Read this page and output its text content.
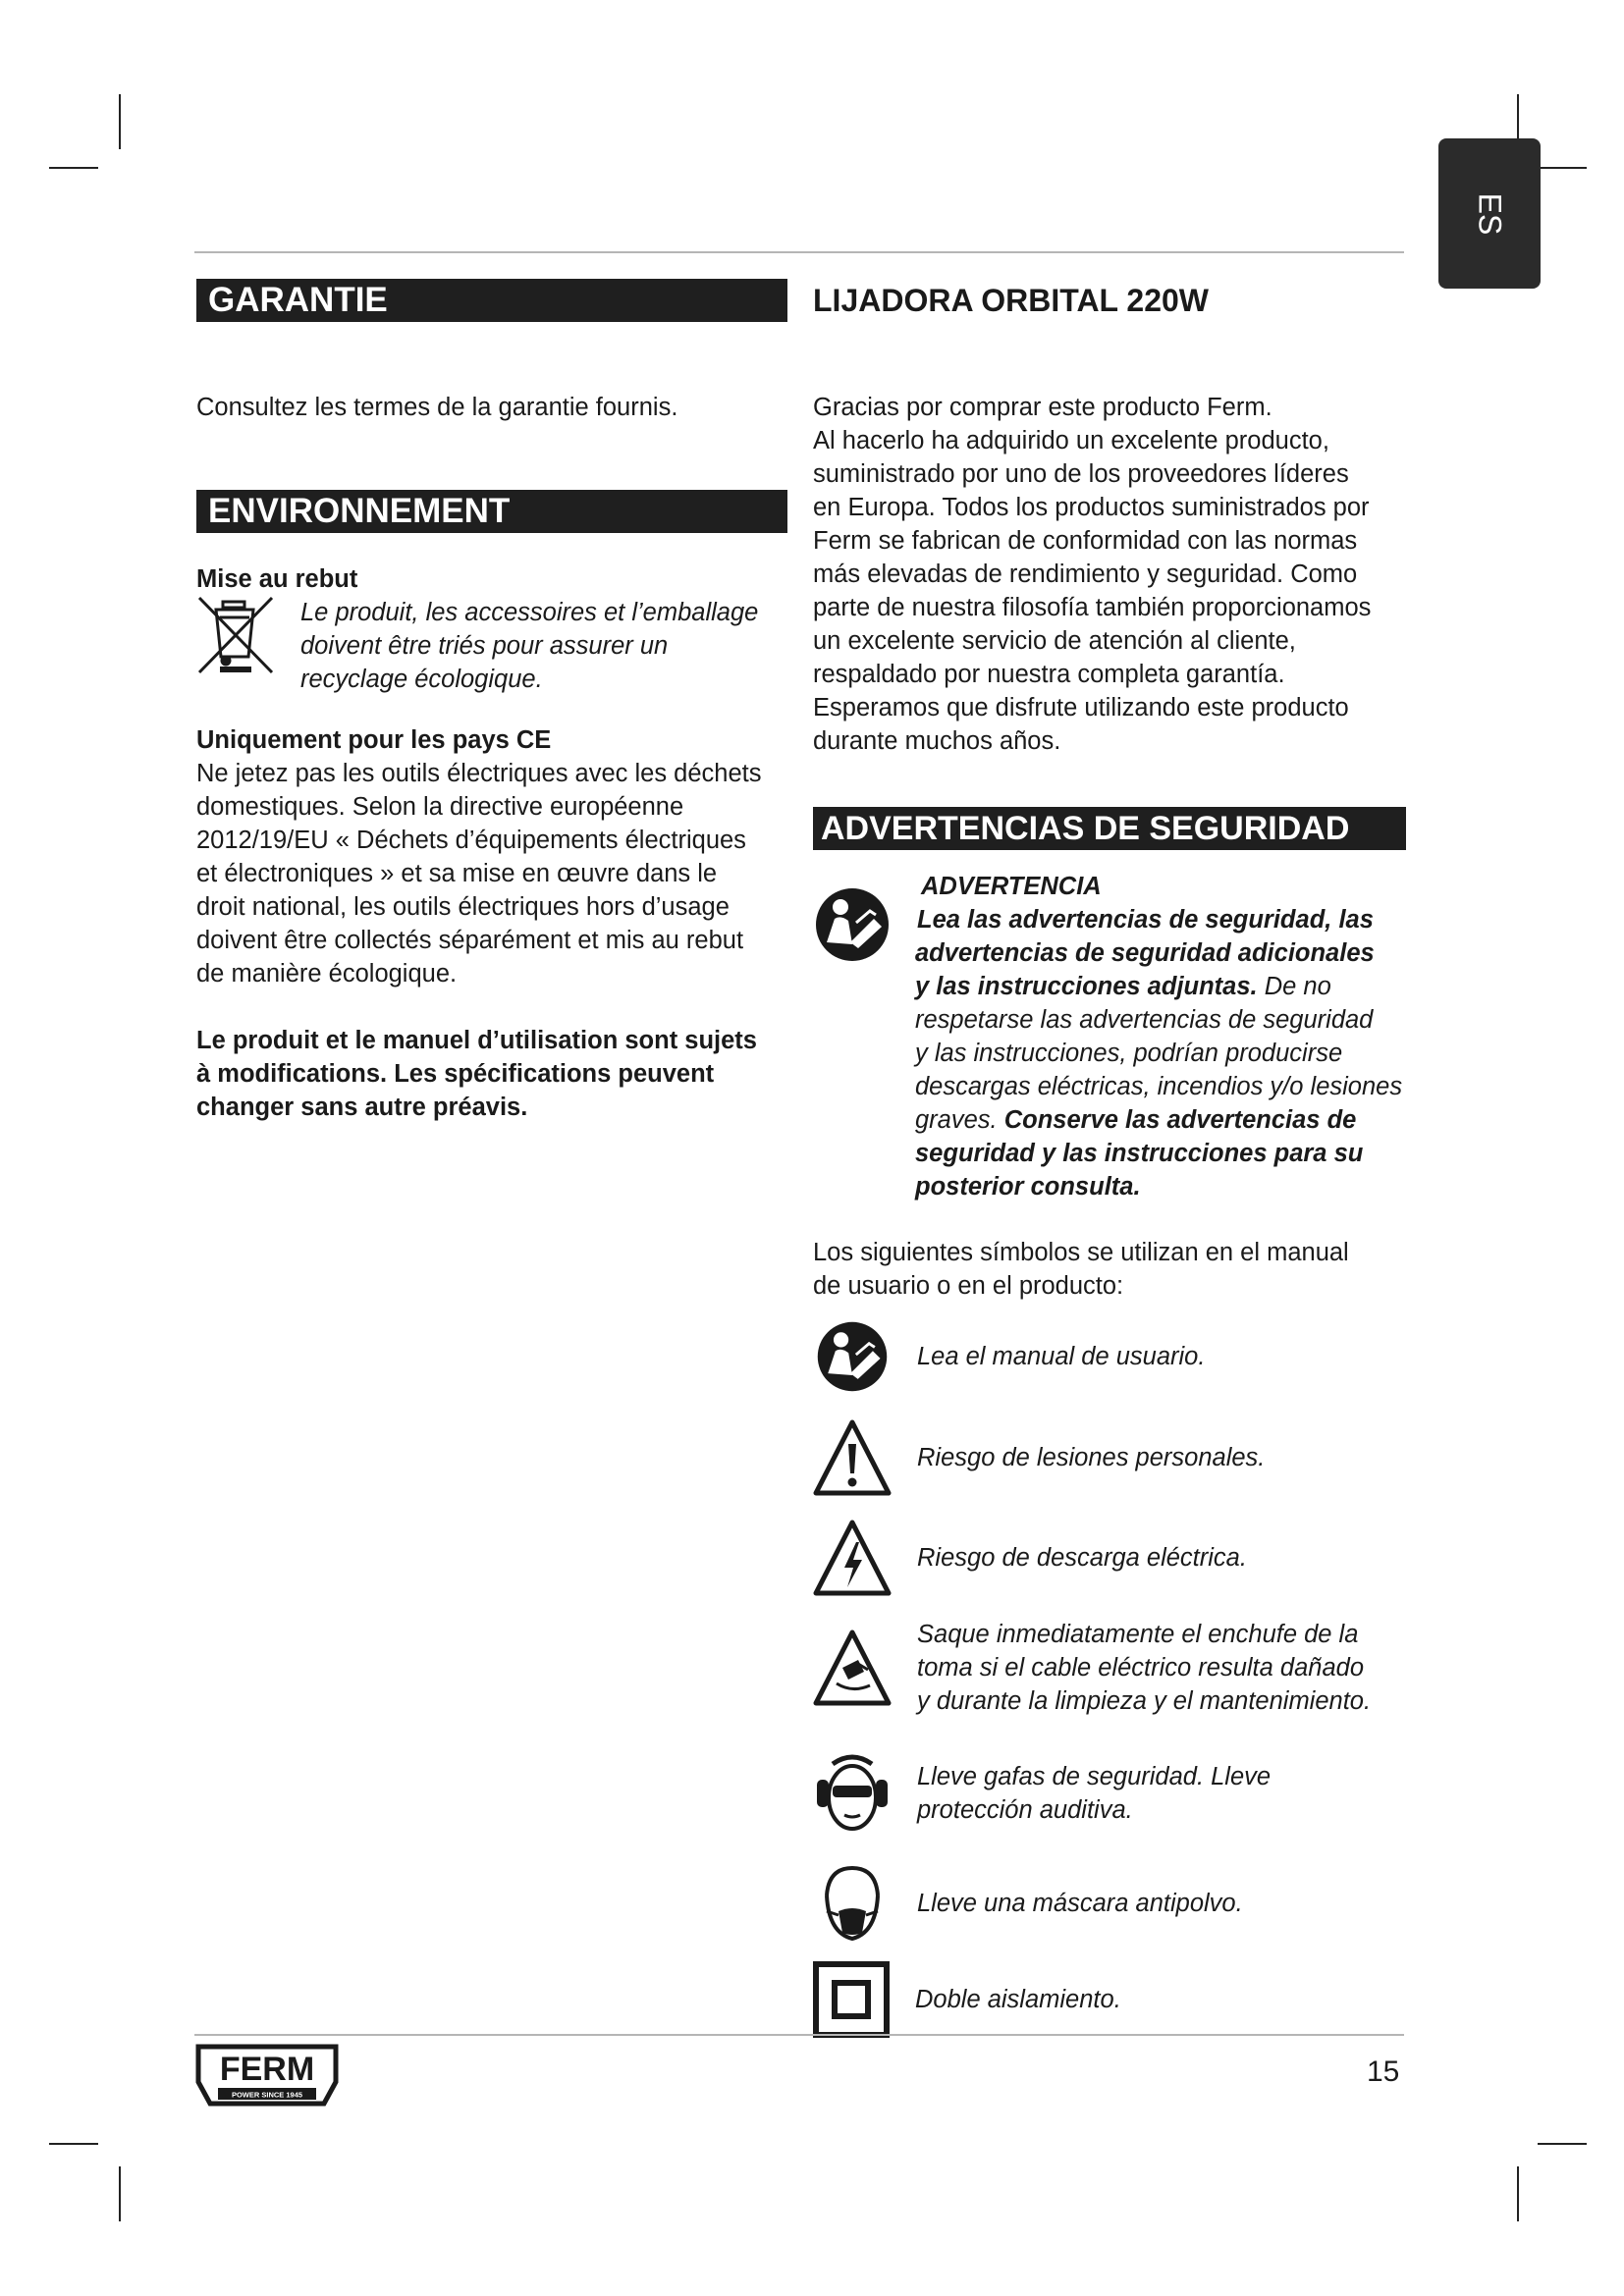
ES
GARANTIE

Consultez les termes de la garantie fournis.

ENVIRONNEMENT

Mise au rebut

Le produit, les accessoires et l’emballage

doivent être triés pour assurer un

recyclage écologique.

Uniquement pour les pays CE

Ne jetez pas les outils électriques avec les déchets

domestiques. Selon la directive européenne

2012/19/EU « Déchets d’équipements électriques

et électroniques » et sa mise en œuvre dans le

droit national, les outils électriques hors d’usage

doivent être collectés séparément et mis au rebut

de manière écologique.

Le produit et le manuel d’utilisation sont sujets

à modifications. Les spécifications peuvent

changer sans autre préavis.

LIJADORA ORBITAL 220W

Gracias por comprar este producto Ferm.

Al hacerlo ha adquirido un excelente producto,

suministrado por uno de los proveedores líderes

en Europa. Todos los productos suministrados por

Ferm se fabrican de conformidad con las normas

más elevadas de rendimiento y seguridad. Como

parte de nuestra filosofía también proporcionamos

un excelente servicio de atención al cliente,

respaldado por nuestra completa garantía.

Esperamos que disfrute utilizando este producto

durante muchos años.

ADVERTENCIAS DE SEGURIDAD

ADVERTENCIA

Lea las advertencias de seguridad, las

advertencias de seguridad adicionales

y las instrucciones adjuntas. De no

respetarse las advertencias de seguridad

y las instrucciones, podrían producirse

descargas eléctricas, incendios y/o lesiones

graves. Conserve las advertencias de

seguridad y las instrucciones para su

posterior consulta.

Los siguientes símbolos se utilizan en el manual

de usuario o en el producto:

Lea el manual de usuario.
Riesgo de lesiones personales.
Riesgo de descarga eléctrica.
Saque inmediatamente el enchufe de la
toma si el cable eléctrico resulta dañado
y durante la limpieza y el mantenimiento.
Lleve gafas de seguridad. Lleve
protección auditiva.
Lleve una máscara antipolvo.
Doble aislamiento.
FERM
POWER SINCE 1945
15
